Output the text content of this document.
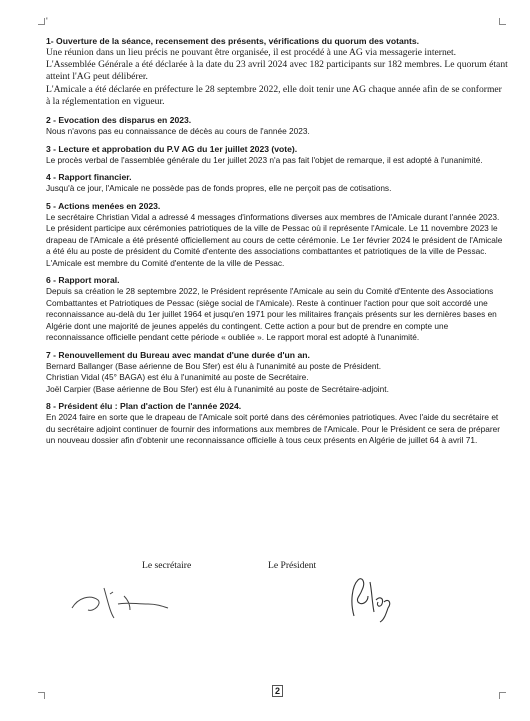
'

1- Ouverture de la séance, recensement des présents, vérifications du quorum des votants.

Une réunion dans un lieu précis ne pouvant être organisée, il est procédé à une AG via messagerie internet. L'Assemblée Générale a été déclarée à la date du 23 avril 2024 avec 182 participants sur 182 membres. Le quorum étant atteint l'AG peut délibérer.

L'Amicale a été déclarée en préfecture le 28 septembre 2022, elle doit tenir une AG chaque année afin de se conformer à la réglementation en vigueur.

2 - Evocation des disparus en 2023.

Nous n'avons pas eu connaissance de décès au cours de l'année 2023.

3 - Lecture et approbation du P.V AG du 1er juillet 2023 (vote).

Le procès verbal de l'assemblée générale du 1er juillet 2023 n'a pas fait l'objet de remarque, il est adopté à l'unanimité.

4 - Rapport financier.

Jusqu'à ce jour, l'Amicale ne possède pas de fonds propres, elle ne perçoit pas de cotisations.

5 - Actions menées en 2023.

Le secrétaire Christian Vidal a adressé 4 messages d'informations diverses aux membres de l'Amicale durant l'année 2023. Le président participe aux cérémonies patriotiques de la ville de Pessac où il représente l'Amicale. Le 11 novembre 2023 le drapeau de l'Amicale a été présenté officiellement au cours de cette cérémonie. Le 1er février 2024 le président de l'Amicale a été élu au poste de président du Comité d'entente des associations combattantes et patriotiques de la ville de Pessac. L'Amicale est membre du Comité d'entente de la ville de Pessac.

6 - Rapport moral.

Depuis sa création le 28 septembre 2022, le Président représente l'Amicale au sein du Comité d'Entente des Associations Combattantes et Patriotiques de Pessac (siège social de l'Amicale). Reste à continuer l'action pour que soit accordé une reconnaissance au-delà du 1er juillet 1964 et jusqu'en 1971 pour les militaires français présents sur les dernières bases en Algérie dont une majorité de jeunes appelés du contingent. Cette action a pour but de prendre en compte une reconnaissance officielle pendant cette période « oubliée ». Le rapport moral est adopté à l'unanimité.

7 - Renouvellement du Bureau avec mandat d'une durée d'un an.

Bernard Ballanger (Base aérienne de Bou Sfer) est élu à l'unanimité au poste de Président.

Christian Vidal (45° BAGA) est élu à l'unanimité au poste de Secrétaire.

Joël Carpier (Base aérienne de Bou Sfer) est élu à l'unanimité au poste de Secrétaire-adjoint.

8 - Président élu : Plan d'action de l'année 2024.

En 2024 faire en sorte que le drapeau de l'Amicale soit porté dans des cérémonies patriotiques. Avec l'aide du secrétaire et du secrétaire adjoint continuer de fournir des informations aux membres de l'Amicale. Pour le Président ce sera de préparer un nouveau dossier afin d'obtenir une reconnaissance officielle à tous ceux présents en Algérie de juillet 64 à avril 71.

Le secrétaire	Le Président
2
